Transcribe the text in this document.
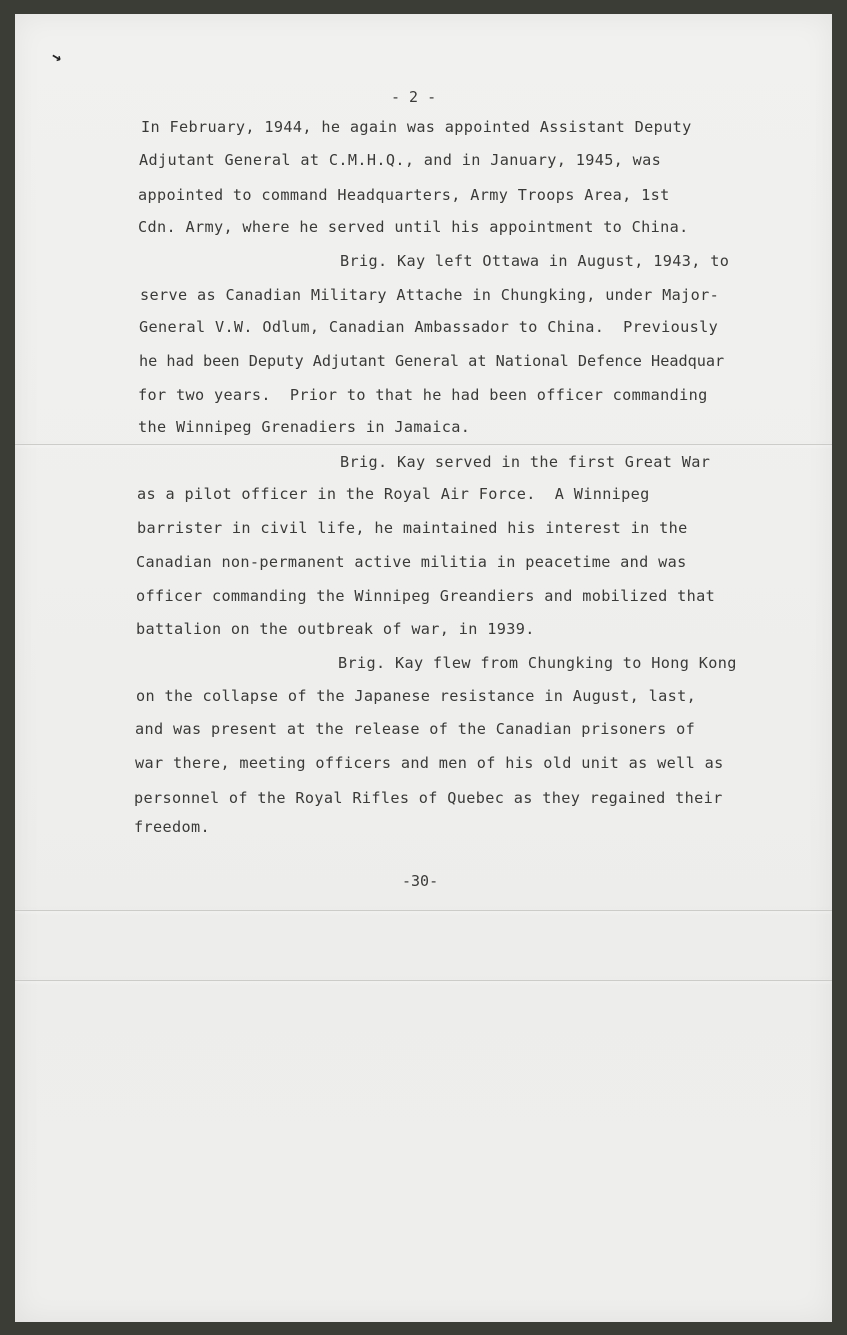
↘
- 2 -
In February, 1944, he again was appointed Assistant Deputy
Adjutant General at C.M.H.Q., and in January, 1945, was
appointed to command Headquarters, Army Troops Area, 1st
Cdn. Army, where he served until his appointment to China.
Brig. Kay left Ottawa in August, 1943, to
serve as Canadian Military Attache in Chungking, under Major-
General V.W. Odlum, Canadian Ambassador to China.  Previously
he had been Deputy Adjutant General at National Defence Headquar
for two years.  Prior to that he had been officer commanding
the Winnipeg Grenadiers in Jamaica.
Brig. Kay served in the first Great War
as a pilot officer in the Royal Air Force.  A Winnipeg
barrister in civil life, he maintained his interest in the
Canadian non-permanent active militia in peacetime and was
officer commanding the Winnipeg Greandiers and mobilized that
battalion on the outbreak of war, in 1939.
Brig. Kay flew from Chungking to Hong Kong
on the collapse of the Japanese resistance in August, last,
and was present at the release of the Canadian prisoners of
war there, meeting officers and men of his old unit as well as
personnel of the Royal Rifles of Quebec as they regained their
freedom.
-30-
